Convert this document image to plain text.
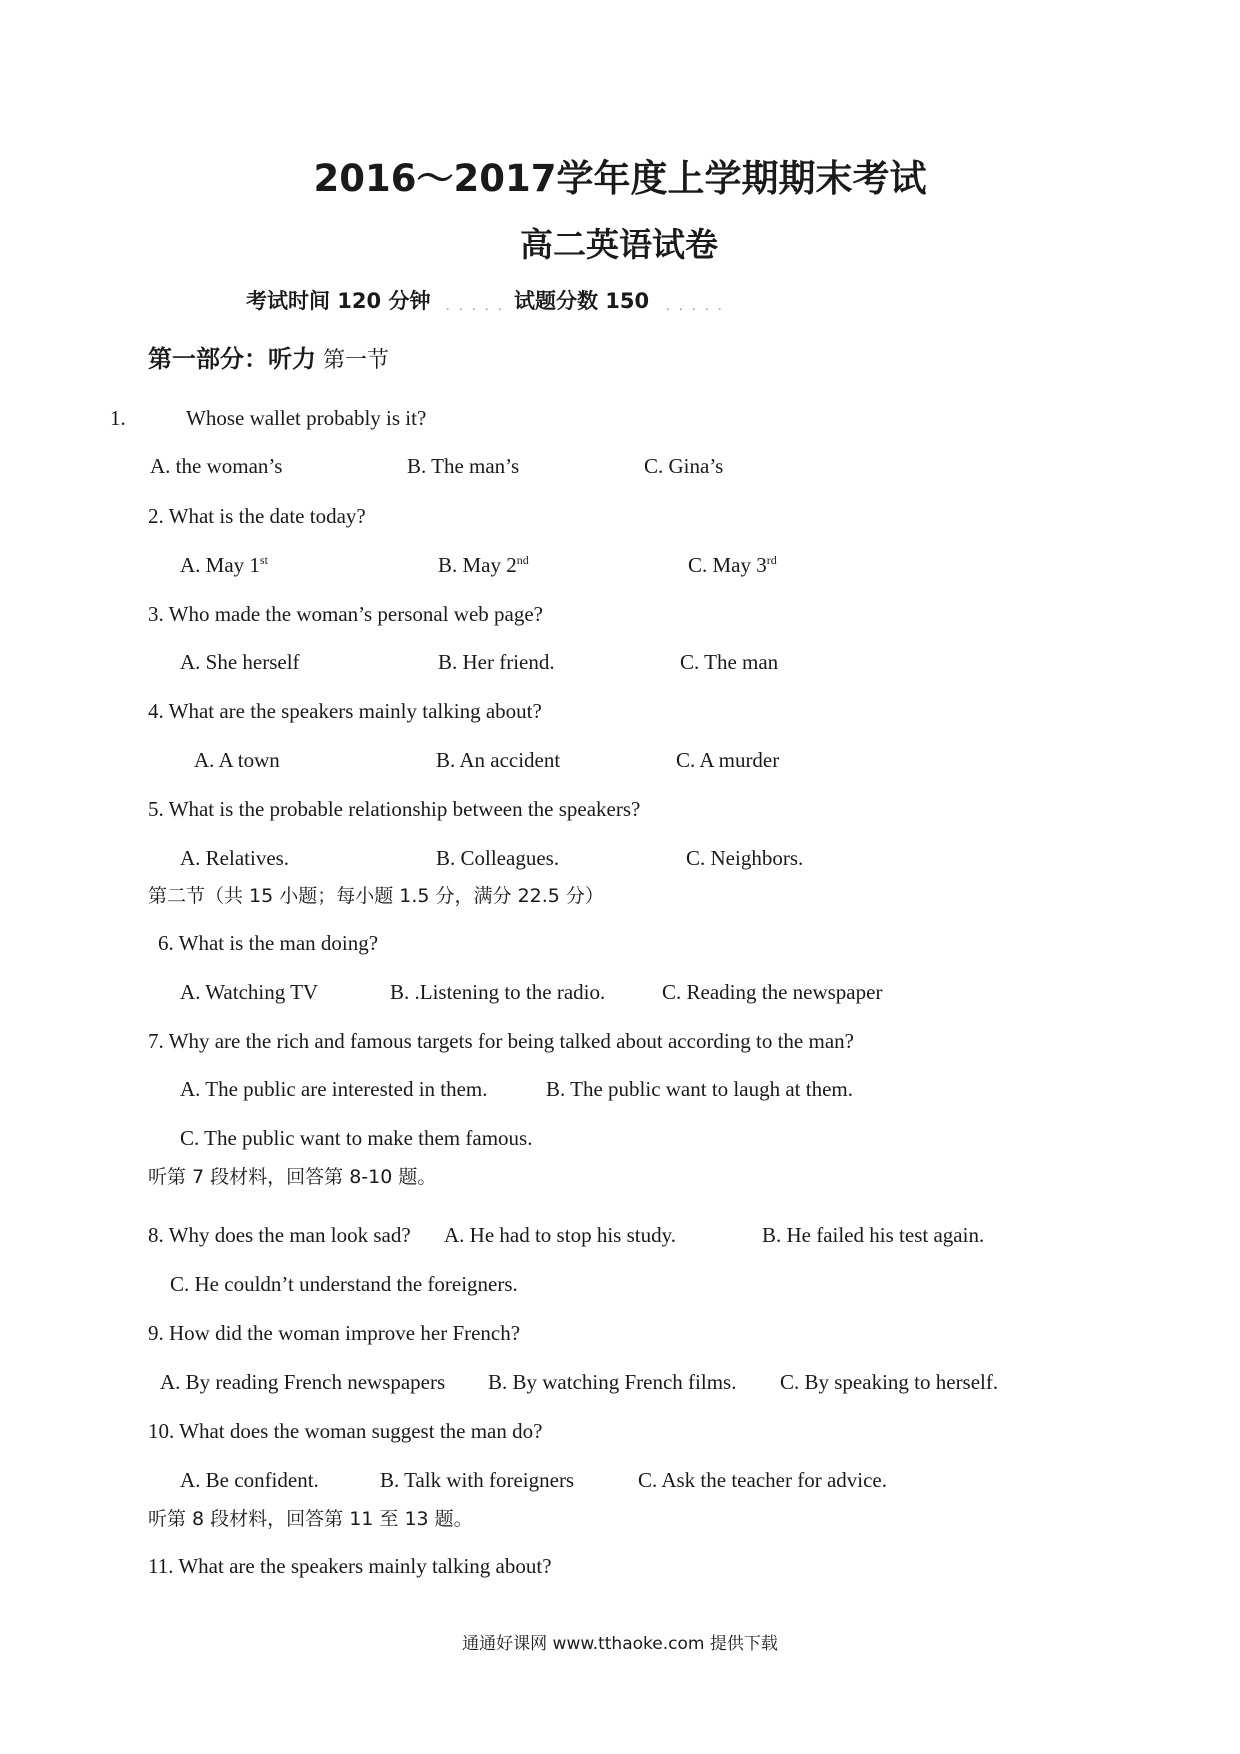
2016～2017学年度上学期期末考试
高二英语试卷
考试时间 120 分钟 . . . . . 试题分数 150 . . . . .
第一部分：听力 第一节
1.	Whose wallet probably is it?
A. the woman’s	B. The man’s	C. Gina’s
2. What is the date today?
A. May 1st	B. May 2nd	C. May 3rd
3. Who made the woman’s personal web page?
A. She herself	B. Her friend.	C. The man
4. What are the speakers mainly talking about?
A. A town	B. An accident	C. A murder
5. What is the probable relationship between the speakers?
A. Relatives.	B. Colleagues.	C. Neighbors.
第二节（共 15 小题；每小题 1.5 分，满分 22.5 分）
6. What is the man doing?
A. Watching TV	B. .Listening to the radio.	C. Reading the newspaper
7. Why are the rich and famous targets for being talked about according to the man?
A. The public are interested in them.	B. The public want to laugh at them.
C. The public want to make them famous.
听第 7 段材料，回答第 8-10 题。
8. Why does the man look sad? A. He had to stop his study.	B. He failed his test again.
C. He couldn’t understand the foreigners.
9. How did the woman improve her French?
A. By reading French newspapers B. By watching French films. C. By speaking to herself.
10. What does the woman suggest the man do?
A. Be confident.	B. Talk with foreigners	C. Ask the teacher for advice.
听第 8 段材料，回答第 11 至 13 题。
11. What are the speakers mainly talking about?
通通好课网 www.tthaoke.com 提供下载
